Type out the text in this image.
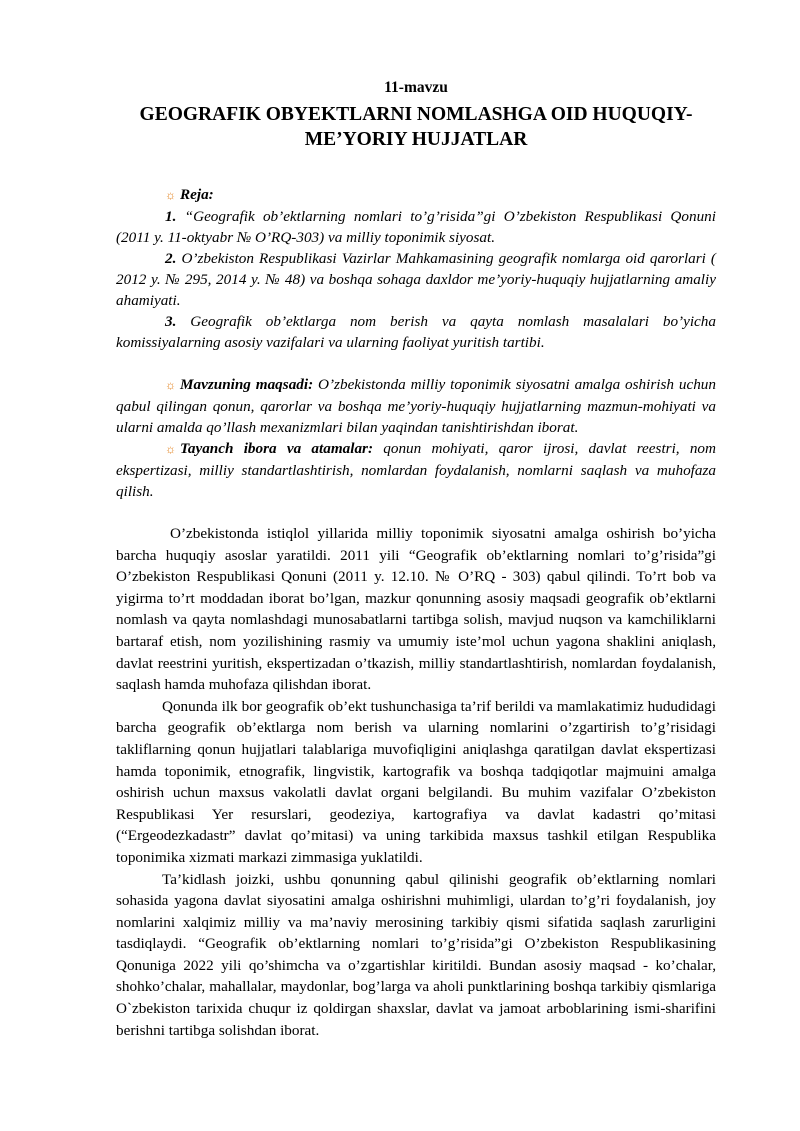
11-mavzu

GEOGRAFIK OBYEKTLARNI NOMLASHGA OID HUQUQIY-

ME’YORIY HUJJATLAR

☼ Reja:

1. “Geografik ob’ektlarning nomlari to’g’risida”gi O’zbekiston Respublikasi Qonuni (2011 y. 11-oktyabr № O’RQ-303) va milliy toponimik siyosat.

2. O’zbekiston Respublikasi Vazirlar Mahkamasining geografik nomlarga oid qarorlari ( 2012 y. № 295, 2014 y. № 48) va boshqa sohaga daxldor me’yoriy-huquqiy hujjatlarning amaliy ahamiyati.

3. Geografik ob’ektlarga nom berish va qayta nomlash masalalari bo’yicha komissiyalarning asosiy vazifalari va ularning faoliyat yuritish tartibi.

☼ Mavzuning maqsadi: O’zbekistonda milliy toponimik siyosatni amalga oshirish uchun qabul qilingan qonun, qarorlar va boshqa me’yoriy-huquqiy hujjatlarning mazmun-mohiyati va ularni amalda qo’llash mexanizmlari bilan yaqindan tanishtirishdan iborat.

☼ Tayanch ibora va atamalar: qonun mohiyati, qaror ijrosi, davlat reestri, nom ekspertizasi, milliy standartlashtirish, nomlardan foydalanish, nomlarni saqlash va muhofaza qilish.

O’zbekistonda istiqlol yillarida milliy toponimik siyosatni amalga oshirish bo’yicha barcha huquqiy asoslar yaratildi. 2011 yili “Geografik ob’ektlarning nomlari to’g’risida”gi O’zbekiston Respublikasi Qonuni (2011 y. 12.10. № O’RQ - 303) qabul qilindi. To’rt bob va yigirma to’rt moddadan iborat bo’lgan, mazkur qonunning asosiy maqsadi geografik ob’ektlarni nomlash va qayta nomlashdagi munosabatlarni tartibga solish, mavjud nuqson va kamchiliklarni bartaraf etish, nom yozilishining rasmiy va umumiy iste’mol uchun yagona shaklini aniqlash, davlat reestrini yuritish, ekspertizadan o’tkazish, milliy standartlashtirish, nomlardan foydalanish, saqlash hamda muhofaza qilishdan iborat.

Qonunda ilk bor geografik ob’ekt tushunchasiga ta’rif berildi va mamlakatimiz hududidagi barcha geografik ob’ektlarga nom berish va ularning nomlarini o’zgartirish to’g’risidagi takliflarning qonun hujjatlari talablariga muvofiqligini aniqlashga qaratilgan davlat ekspertizasi hamda toponimik, etnografik, lingvistik, kartografik va boshqa tadqiqotlar majmuini amalga oshirish uchun maxsus vakolatli davlat organi belgilandi. Bu muhim vazifalar O’zbekiston Respublikasi Yer resurslari, geodeziya, kartografiya va davlat kadastri qo’mitasi (“Ergeodezkadastr” davlat qo’mitasi) va uning tarkibida maxsus tashkil etilgan Respublika toponimika xizmati markazi zimmasiga yuklatildi.

Ta’kidlash joizki, ushbu qonunning qabul qilinishi geografik ob’ektlarning nomlari sohasida yagona davlat siyosatini amalga oshirishni muhimligi, ulardan to’g’ri foydalanish, joy nomlarini xalqimiz milliy va ma’naviy merosining tarkibiy qismi sifatida saqlash zarurligini tasdiqlaydi. “Geografik ob’ektlarning nomlari to’g’risida”gi O’zbekiston Respublikasining Qonuniga 2022 yili qo’shimcha va o’zgartishlar kiritildi. Bundan asosiy maqsad - ko’chalar, shohko’chalar, mahallalar, maydonlar, bog’larga va aholi punktlarining boshqa tarkibiy qismlariga O`zbekiston tarixida chuqur iz qoldirgan shaxslar, davlat va jamoat arboblarining ismi-sharifini berishni tartibga solishdan iborat.
